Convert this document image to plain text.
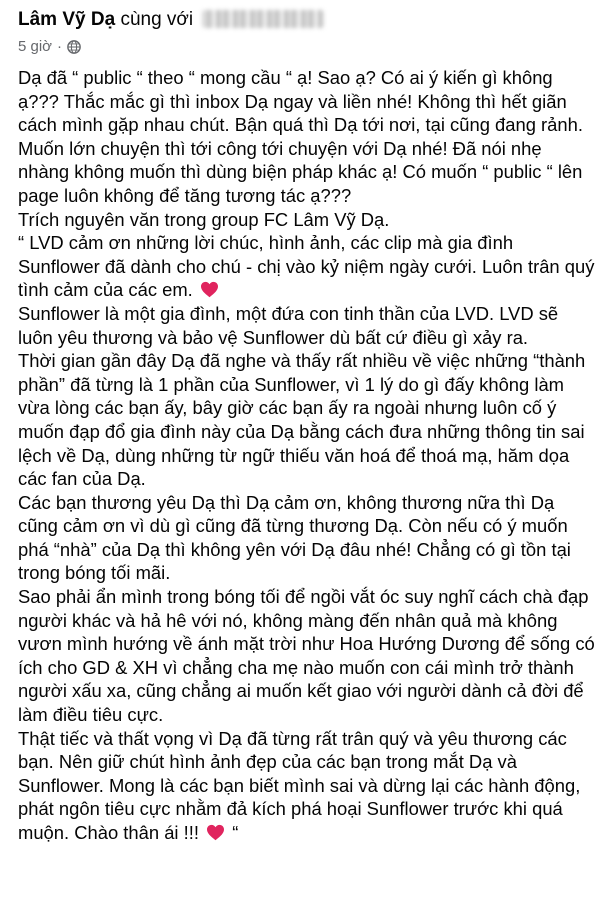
Lâm Vỹ Dạ cùng với
5 giờ ·
Dạ đã “ public “ theo “ mong cầu “ ạ! Sao ạ? Có ai ý kiến gì không ạ??? Thắc mắc gì thì inbox Dạ ngay và liền nhé! Không thì hết giãn cách mình gặp nhau chút. Bận quá thì Dạ tới nơi, tại cũng đang rảnh. Muốn lớn chuyện thì tới công tới chuyện với Dạ nhé! Đã nói nhẹ nhàng không muốn thì dùng biện pháp khác ạ! Có muốn “ public “ lên page luôn không để tăng tương tác ạ???
Trích nguyên văn trong group FC Lâm Vỹ Dạ.
“ LVD cảm ơn những lời chúc, hình ảnh, các clip mà gia đình Sunflower đã dành cho chú - chị vào kỷ niệm ngày cưới. Luôn trân quý tình cảm của các em.
Sunflower là một gia đình, một đứa con tinh thần của LVD. LVD sẽ luôn yêu thương và bảo vệ Sunflower dù bất cứ điều gì xảy ra.
Thời gian gần đây Dạ đã nghe và thấy rất nhiều về việc những “thành phần” đã từng là 1 phần của Sunflower, vì 1 lý do gì đấy không làm vừa lòng các bạn ấy, bây giờ các bạn ấy ra ngoài nhưng luôn cố ý muốn đạp đổ gia đình này của Dạ bằng cách đưa những thông tin sai lệch về Dạ, dùng những từ ngữ thiếu văn hoá để thoá mạ, hăm dọa các fan của Dạ.
Các bạn thương yêu Dạ thì Dạ cảm ơn, không thương nữa thì Dạ cũng cảm ơn vì dù gì cũng đã từng thương Dạ. Còn nếu có ý muốn phá “nhà” của Dạ thì không yên với Dạ đâu nhé! Chẳng có gì tồn tại trong bóng tối mãi.
Sao phải ẩn mình trong bóng tối để ngồi vắt óc suy nghĩ cách chà đạp người khác và hả hê với nó, không màng đến nhân quả mà không vươn mình hướng về ánh mặt trời như Hoa Hướng Dương để sống có ích cho GD & XH vì chẳng cha mẹ nào muốn con cái mình trở thành người xấu xa, cũng chẳng ai muốn kết giao với người dành cả đời để làm điều tiêu cực.
Thật tiếc và thất vọng vì Dạ đã từng rất trân quý và yêu thương các bạn. Nên giữ chút hình ảnh đẹp của các bạn trong mắt Dạ và Sunflower. Mong là các bạn biết mình sai và dừng lại các hành động, phát ngôn tiêu cực nhằm đả kích phá hoại Sunflower trước khi quá muộn. Chào thân ái !!! “
